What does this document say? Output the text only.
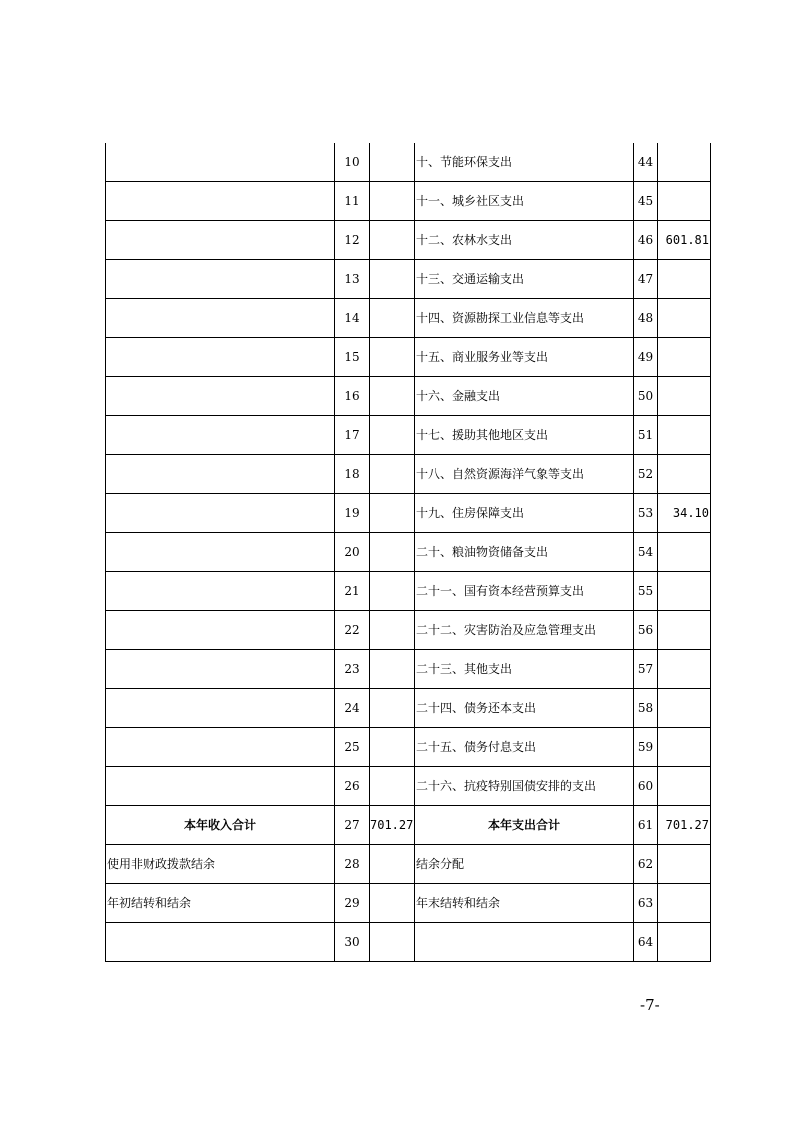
	10		十、节能环保支出	44	
	11		十一、城乡社区支出	45	
	12		十二、农林水支出	46	601.81
	13		十三、交通运输支出	47	
	14		十四、资源勘探工业信息等支出	48	
	15		十五、商业服务业等支出	49	
	16		十六、金融支出	50	
	17		十七、援助其他地区支出	51	
	18		十八、自然资源海洋气象等支出	52	
	19		十九、住房保障支出	53	34.10
	20		二十、粮油物资储备支出	54	
	21		二十一、国有资本经营预算支出	55	
	22		二十二、灾害防治及应急管理支出	56	
	23		二十三、其他支出	57	
	24		二十四、债务还本支出	58	
	25		二十五、债务付息支出	59	
	26		二十六、抗疫特别国债安排的支出	60	
本年收入合计	27	701.27	本年支出合计	61	701.27
使用非财政拨款结余	28		结余分配	62	
年初结转和结余	29		年末结转和结余	63	
	30			64	
-7-
